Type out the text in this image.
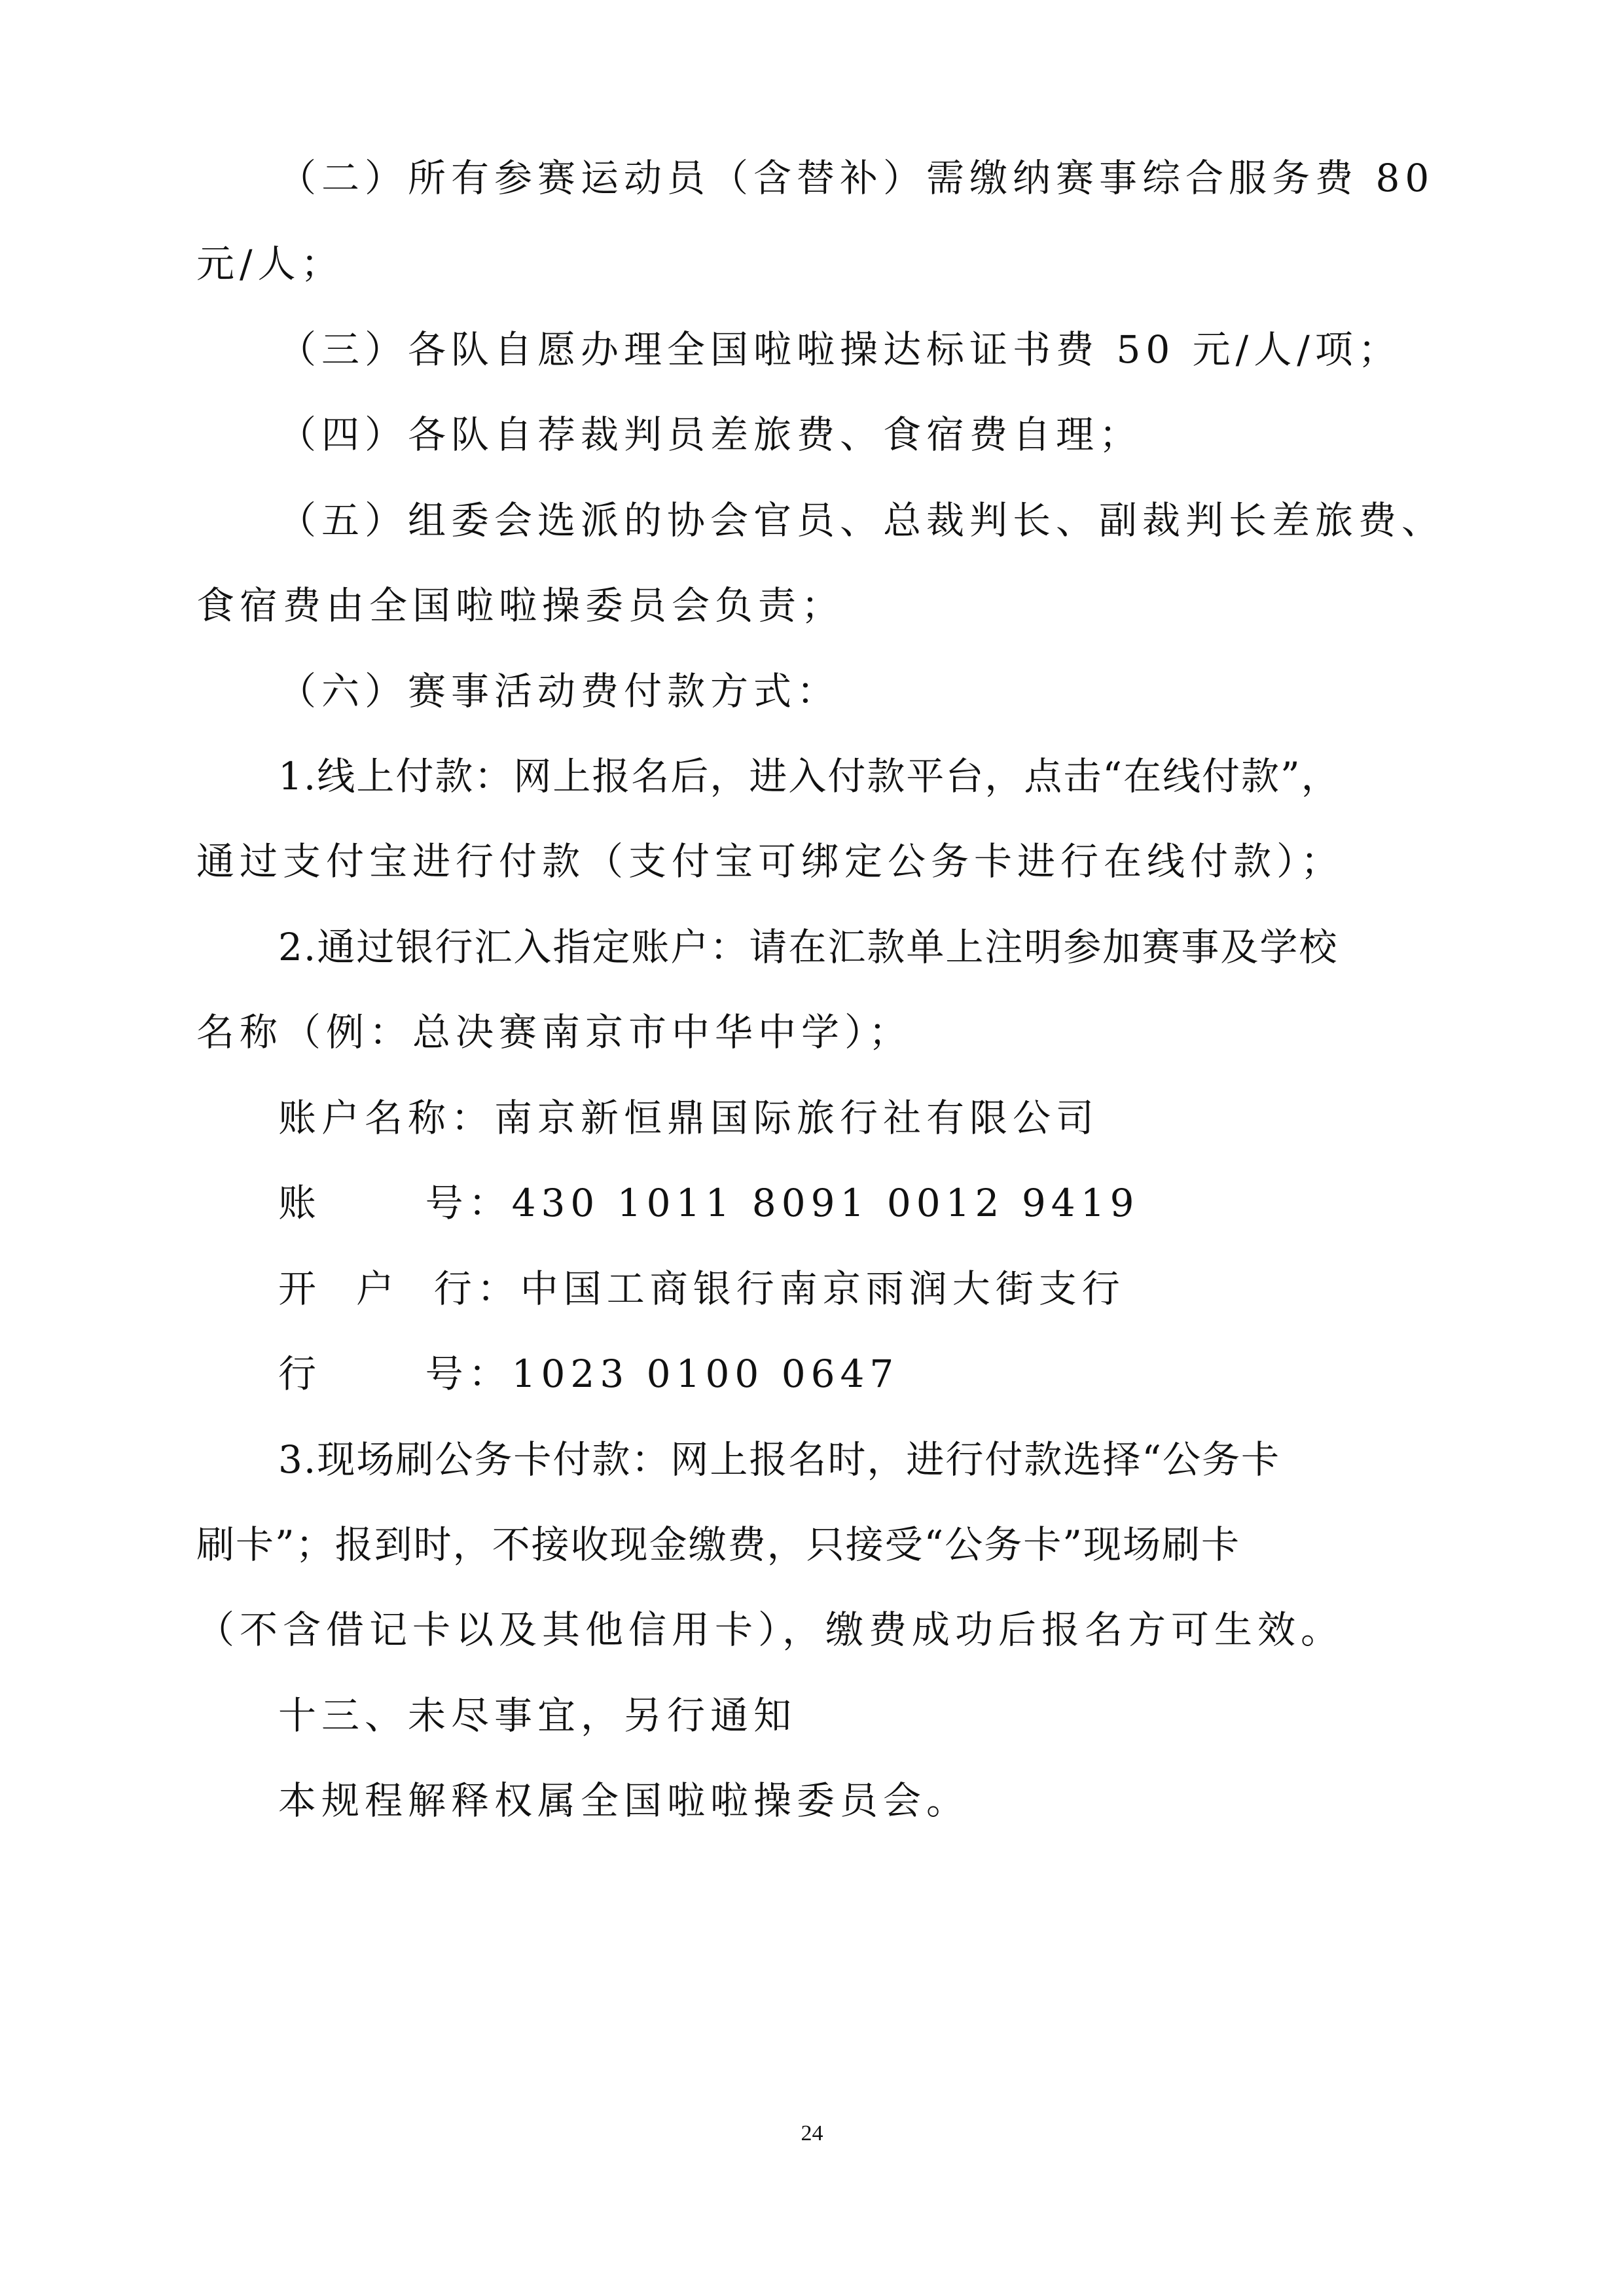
（二）所有参赛运动员（含替补）需缴纳赛事综合服务费 80
元/人；
（三）各队自愿办理全国啦啦操达标证书费 50 元/人/项；
（四）各队自荐裁判员差旅费、食宿费自理；
（五）组委会选派的协会官员、总裁判长、副裁判长差旅费、
食宿费由全国啦啦操委员会负责；
（六）赛事活动费付款方式：
1.线上付款：网上报名后，进入付款平台，点击“在线付款”，
通过支付宝进行付款（支付宝可绑定公务卡进行在线付款）；
2.通过银行汇入指定账户：请在汇款单上注明参加赛事及学校
名称（例：总决赛南京市中华中学）；
账户名称：南京新恒鼎国际旅行社有限公司
账      号：430 1011 8091 0012 9419
开  户  行：中国工商银行南京雨润大街支行
行      号：1023 0100 0647
3.现场刷公务卡付款：网上报名时，进行付款选择“公务卡
刷卡”；报到时，不接收现金缴费，只接受“公务卡”现场刷卡
（不含借记卡以及其他信用卡），缴费成功后报名方可生效。
十三、未尽事宜，另行通知
本规程解释权属全国啦啦操委员会。
24
